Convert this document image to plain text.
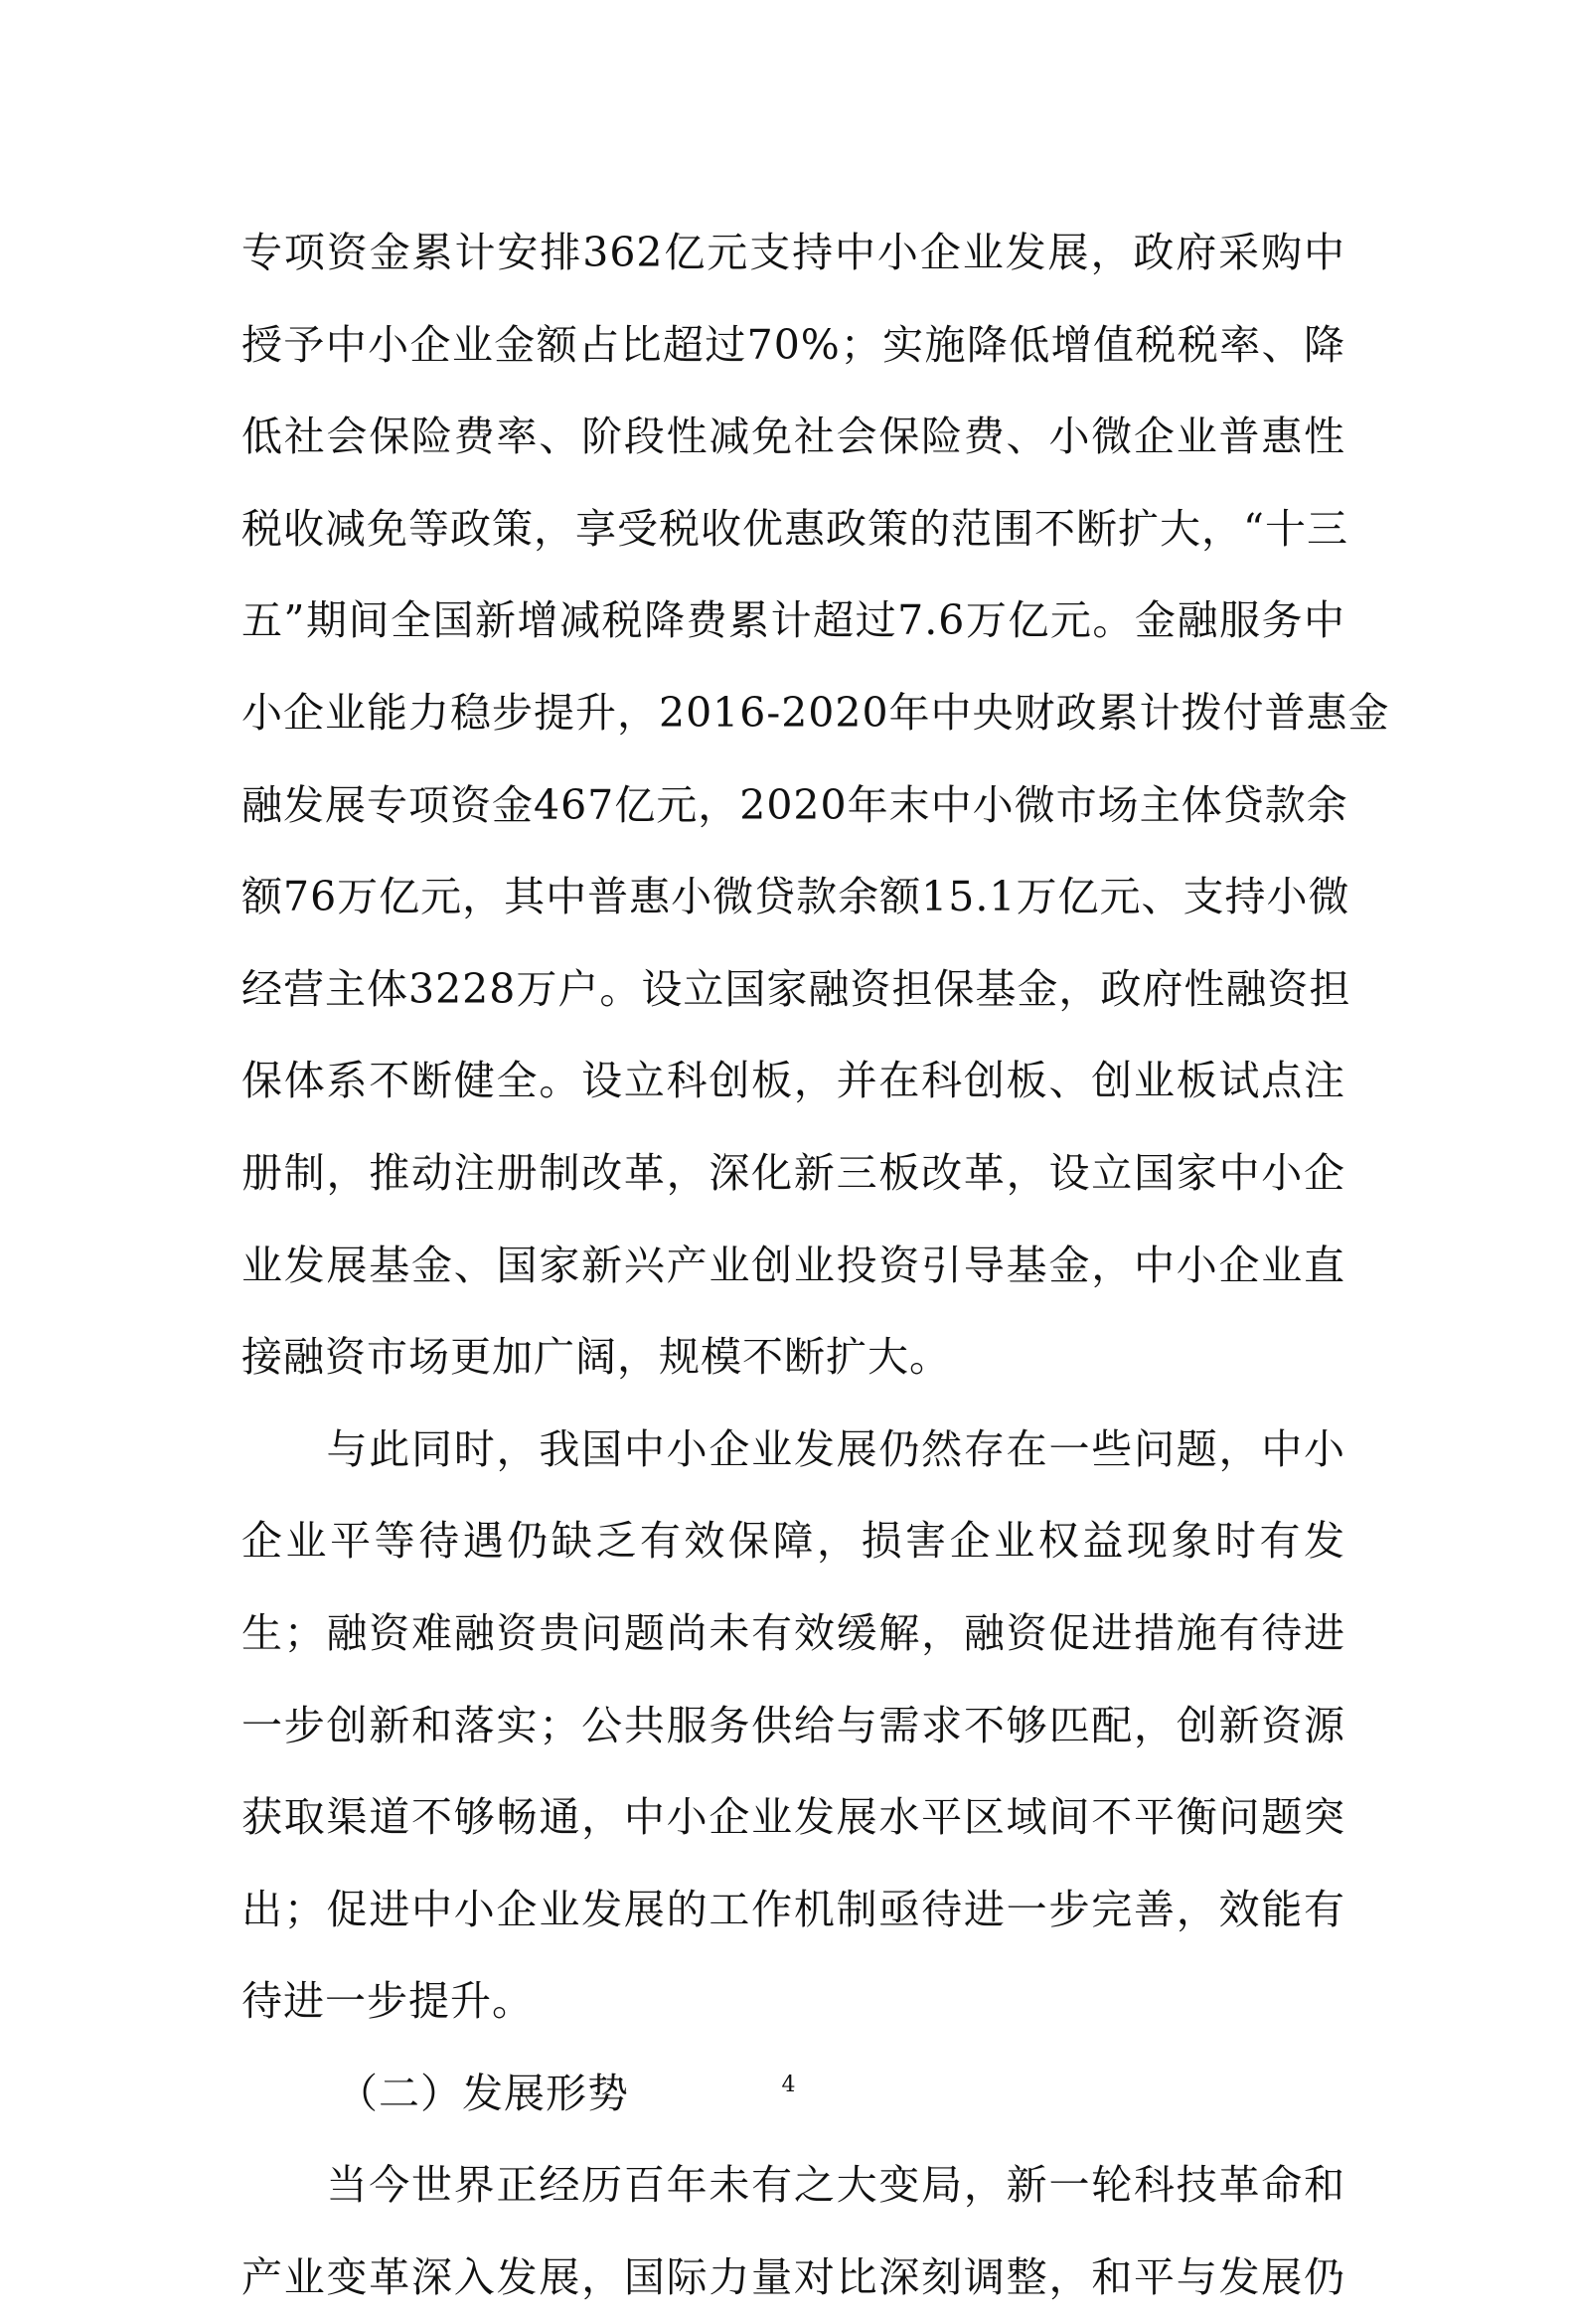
专项资金累计安排362亿元支持中小企业发展，政府采购中
授予中小企业金额占比超过70%；实施降低增值税税率、降
低社会保险费率、阶段性减免社会保险费、小微企业普惠性
税收减免等政策，享受税收优惠政策的范围不断扩大，“十三
五”期间全国新增减税降费累计超过7.6万亿元。金融服务中
小企业能力稳步提升，2016-2020年中央财政累计拨付普惠金
融发展专项资金467亿元，2020年末中小微市场主体贷款余
额76万亿元，其中普惠小微贷款余额15.1万亿元、支持小微
经营主体3228万户。设立国家融资担保基金，政府性融资担
保体系不断健全。设立科创板，并在科创板、创业板试点注
册制，推动注册制改革，深化新三板改革，设立国家中小企
业发展基金、国家新兴产业创业投资引导基金，中小企业直
接融资市场更加广阔，规模不断扩大。

　　与此同时，我国中小企业发展仍然存在一些问题，中小
企业平等待遇仍缺乏有效保障，损害企业权益现象时有发
生；融资难融资贵问题尚未有效缓解，融资促进措施有待进
一步创新和落实；公共服务供给与需求不够匹配，创新资源
获取渠道不够畅通，中小企业发展水平区域间不平衡问题突
出；促进中小企业发展的工作机制亟待进一步完善，效能有
待进一步提升。

（二）发展形势

　　当今世界正经历百年未有之大变局，新一轮科技革命和
产业变革深入发展，国际力量对比深刻调整，和平与发展仍

4
